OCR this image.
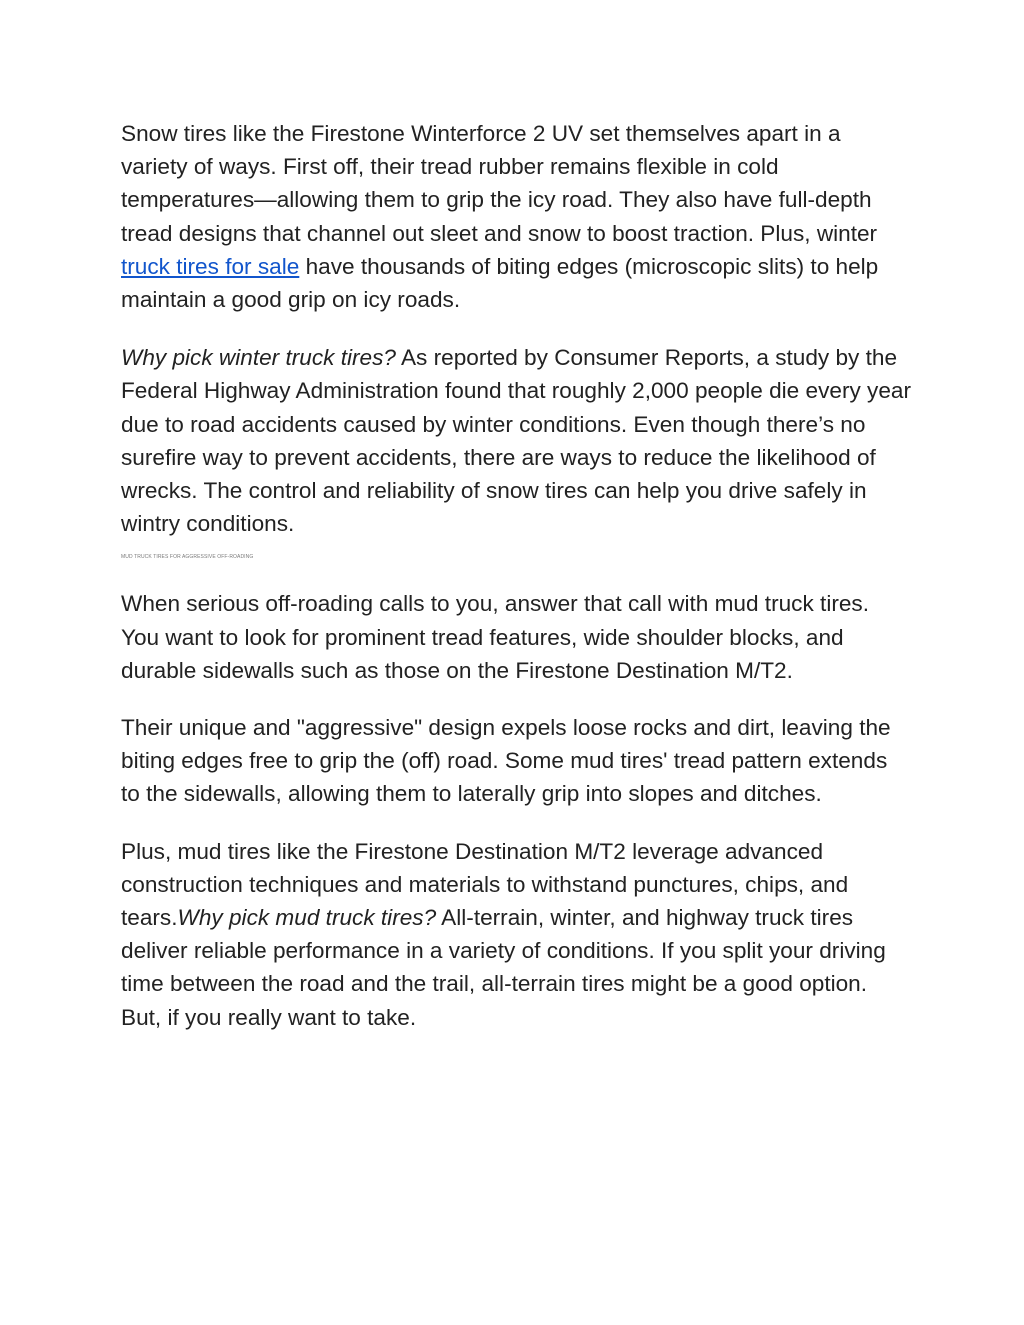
Snow tires like the Firestone Winterforce 2 UV set themselves apart in a variety of ways. First off, their tread rubber remains flexible in cold temperatures—allowing them to grip the icy road. They also have full-depth tread designs that channel out sleet and snow to boost traction. Plus, winter truck tires for sale have thousands of biting edges (microscopic slits) to help maintain a good grip on icy roads.

Why pick winter truck tires? As reported by Consumer Reports, a study by the Federal Highway Administration found that roughly 2,000 people die every year due to road accidents caused by winter conditions. Even though there’s no surefire way to prevent accidents, there are ways to reduce the likelihood of wrecks. The control and reliability of snow tires can help you drive safely in wintry conditions.

MUD TRUCK TIRES FOR AGGRESSIVE OFF-ROADING

When serious off-roading calls to you, answer that call with mud truck tires. You want to look for prominent tread features, wide shoulder blocks, and durable sidewalls such as those on the Firestone Destination M/T2.

Their unique and "aggressive" design expels loose rocks and dirt, leaving the biting edges free to grip the (off) road. Some mud tires' tread pattern extends to the sidewalls, allowing them to laterally grip into slopes and ditches.

Plus, mud tires like the Firestone Destination M/T2 leverage advanced construction techniques and materials to withstand punctures, chips, and tears.Why pick mud truck tires? All-terrain, winter, and highway truck tires deliver reliable performance in a variety of conditions. If you split your driving time between the road and the trail, all-terrain tires might be a good option. But, if you really want to take.
